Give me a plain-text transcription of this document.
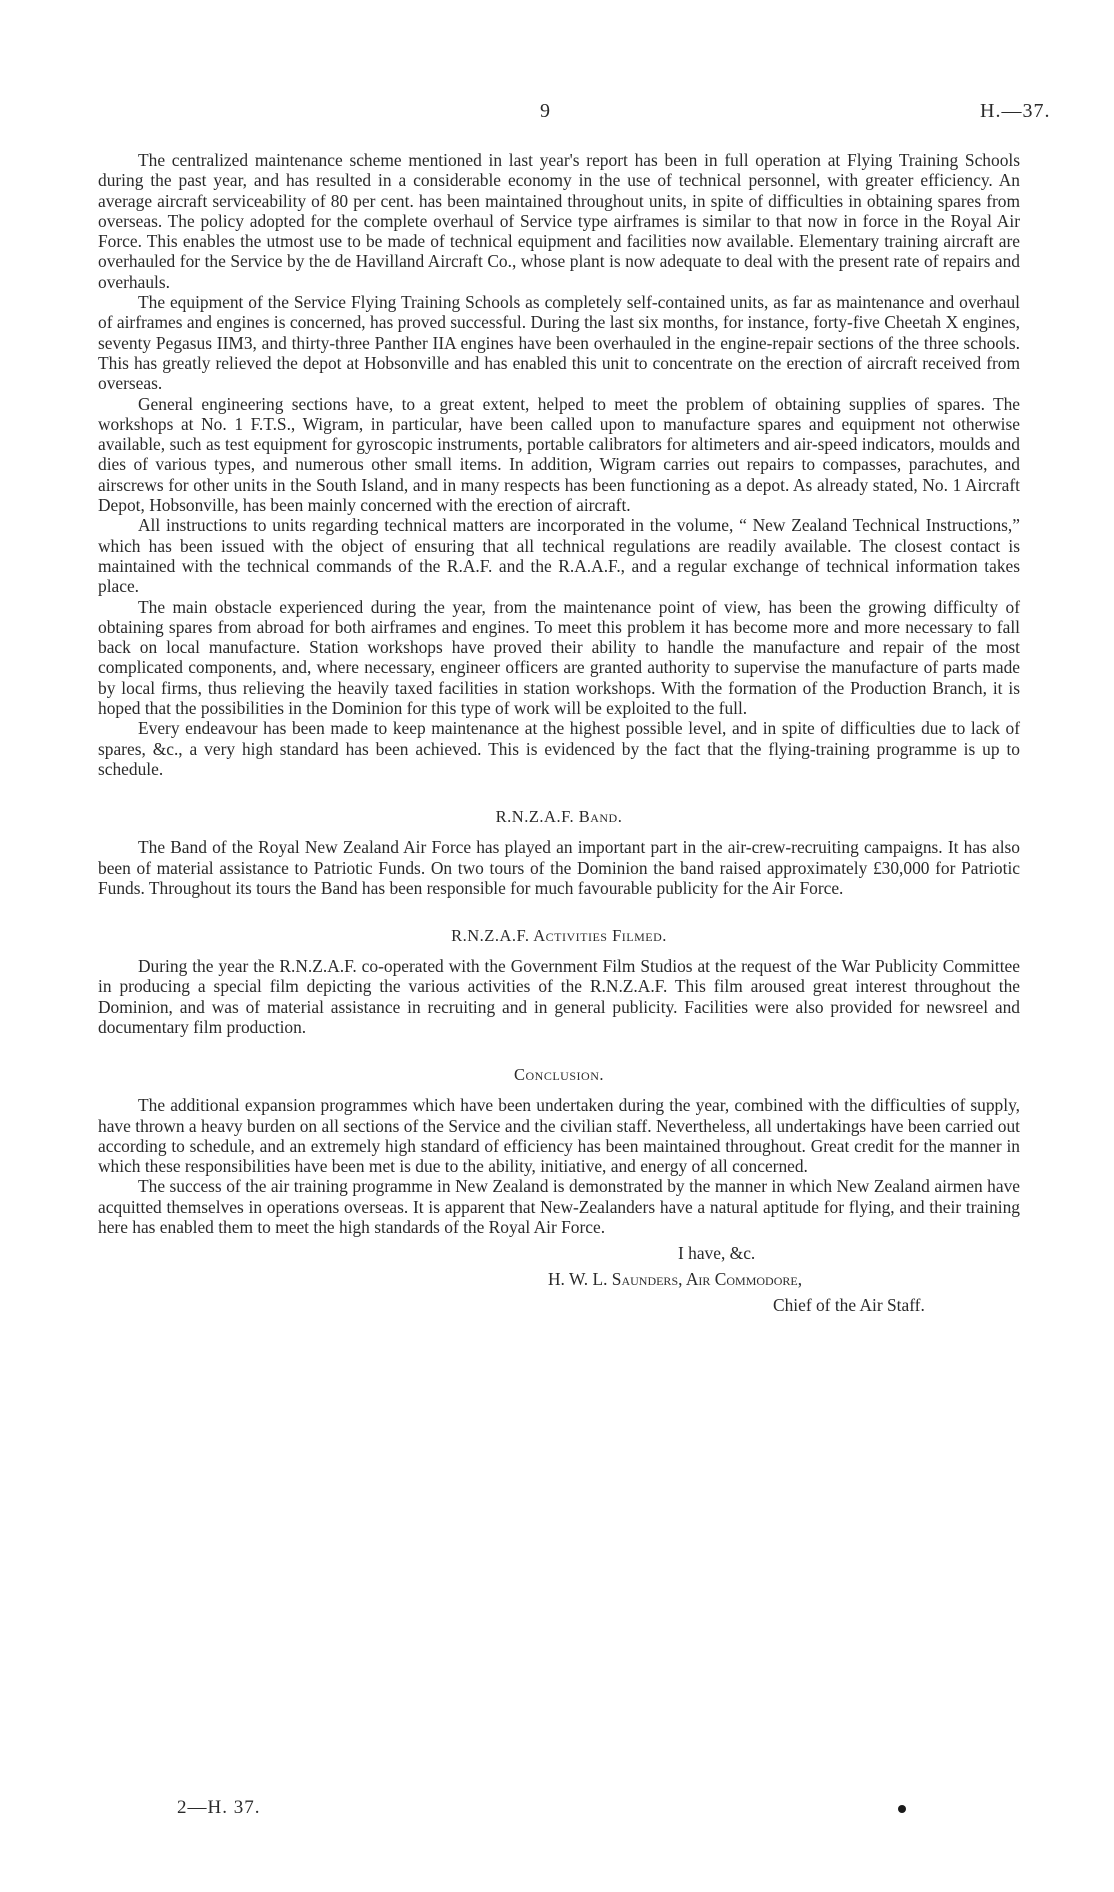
9	H.—37.

The centralized maintenance scheme mentioned in last year's report has been in full operation at Flying Training Schools during the past year, and has resulted in a considerable economy in the use of technical personnel, with greater efficiency. An average aircraft serviceability of 80 per cent. has been maintained throughout units, in spite of difficulties in obtaining spares from overseas. The policy adopted for the complete overhaul of Service type airframes is similar to that now in force in the Royal Air Force. This enables the utmost use to be made of technical equipment and facilities now available. Elementary training aircraft are overhauled for the Service by the de Havilland Aircraft Co., whose plant is now adequate to deal with the present rate of repairs and overhauls.

The equipment of the Service Flying Training Schools as completely self-contained units, as far as maintenance and overhaul of airframes and engines is concerned, has proved successful. During the last six months, for instance, forty-five Cheetah X engines, seventy Pegasus IIM3, and thirty-three Panther IIA engines have been overhauled in the engine-repair sections of the three schools. This has greatly relieved the depot at Hobsonville and has enabled this unit to concentrate on the erection of aircraft received from overseas.

General engineering sections have, to a great extent, helped to meet the problem of obtaining supplies of spares. The workshops at No. 1 F.T.S., Wigram, in particular, have been called upon to manufacture spares and equipment not otherwise available, such as test equipment for gyroscopic instruments, portable calibrators for altimeters and air-speed indicators, moulds and dies of various types, and numerous other small items. In addition, Wigram carries out repairs to compasses, parachutes, and airscrews for other units in the South Island, and in many respects has been functioning as a depot. As already stated, No. 1 Aircraft Depot, Hobsonville, has been mainly concerned with the erection of aircraft.

All instructions to units regarding technical matters are incorporated in the volume, “ New Zealand Technical Instructions,” which has been issued with the object of ensuring that all technical regulations are readily available. The closest contact is maintained with the technical commands of the R.A.F. and the R.A.A.F., and a regular exchange of technical information takes place.

The main obstacle experienced during the year, from the maintenance point of view, has been the growing difficulty of obtaining spares from abroad for both airframes and engines. To meet this problem it has become more and more necessary to fall back on local manufacture. Station workshops have proved their ability to handle the manufacture and repair of the most complicated components, and, where necessary, engineer officers are granted authority to supervise the manufacture of parts made by local firms, thus relieving the heavily taxed facilities in station workshops. With the formation of the Production Branch, it is hoped that the possibilities in the Dominion for this type of work will be exploited to the full.

Every endeavour has been made to keep maintenance at the highest possible level, and in spite of difficulties due to lack of spares, &c., a very high standard has been achieved. This is evidenced by the fact that the flying-training programme is up to schedule.

R.N.Z.A.F. Band.

The Band of the Royal New Zealand Air Force has played an important part in the air-crew-recruiting campaigns. It has also been of material assistance to Patriotic Funds. On two tours of the Dominion the band raised approximately £30,000 for Patriotic Funds. Throughout its tours the Band has been responsible for much favourable publicity for the Air Force.

R.N.Z.A.F. Activities Filmed.

During the year the R.N.Z.A.F. co-operated with the Government Film Studios at the request of the War Publicity Committee in producing a special film depicting the various activities of the R.N.Z.A.F. This film aroused great interest throughout the Dominion, and was of material assistance in recruiting and in general publicity. Facilities were also provided for newsreel and documentary film production.

Conclusion.

The additional expansion programmes which have been undertaken during the year, combined with the difficulties of supply, have thrown a heavy burden on all sections of the Service and the civilian staff. Nevertheless, all undertakings have been carried out according to schedule, and an extremely high standard of efficiency has been maintained throughout. Great credit for the manner in which these responsibilities have been met is due to the ability, initiative, and energy of all concerned.

The success of the air training programme in New Zealand is demonstrated by the manner in which New Zealand airmen have acquitted themselves in operations overseas. It is apparent that New-Zealanders have a natural aptitude for flying, and their training here has enabled them to meet the high standards of the Royal Air Force.

I have, &c.
H. W. L. Saunders, Air Commodore,
Chief of the Air Staff.
2—H. 37.
